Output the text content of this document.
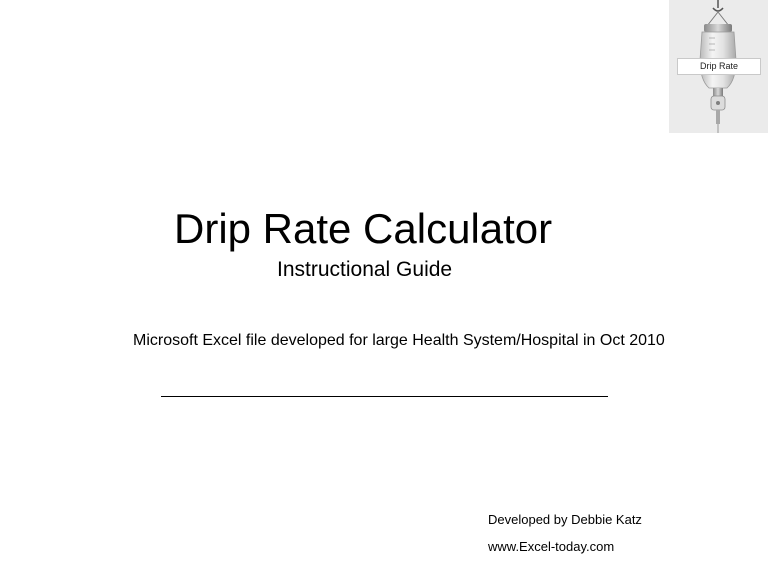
Drip Rate
Drip Rate Calculator
Instructional Guide
Microsoft Excel file developed for large Health System/Hospital in Oct 2010
Developed by Debbie Katz
www.Excel-today.com
